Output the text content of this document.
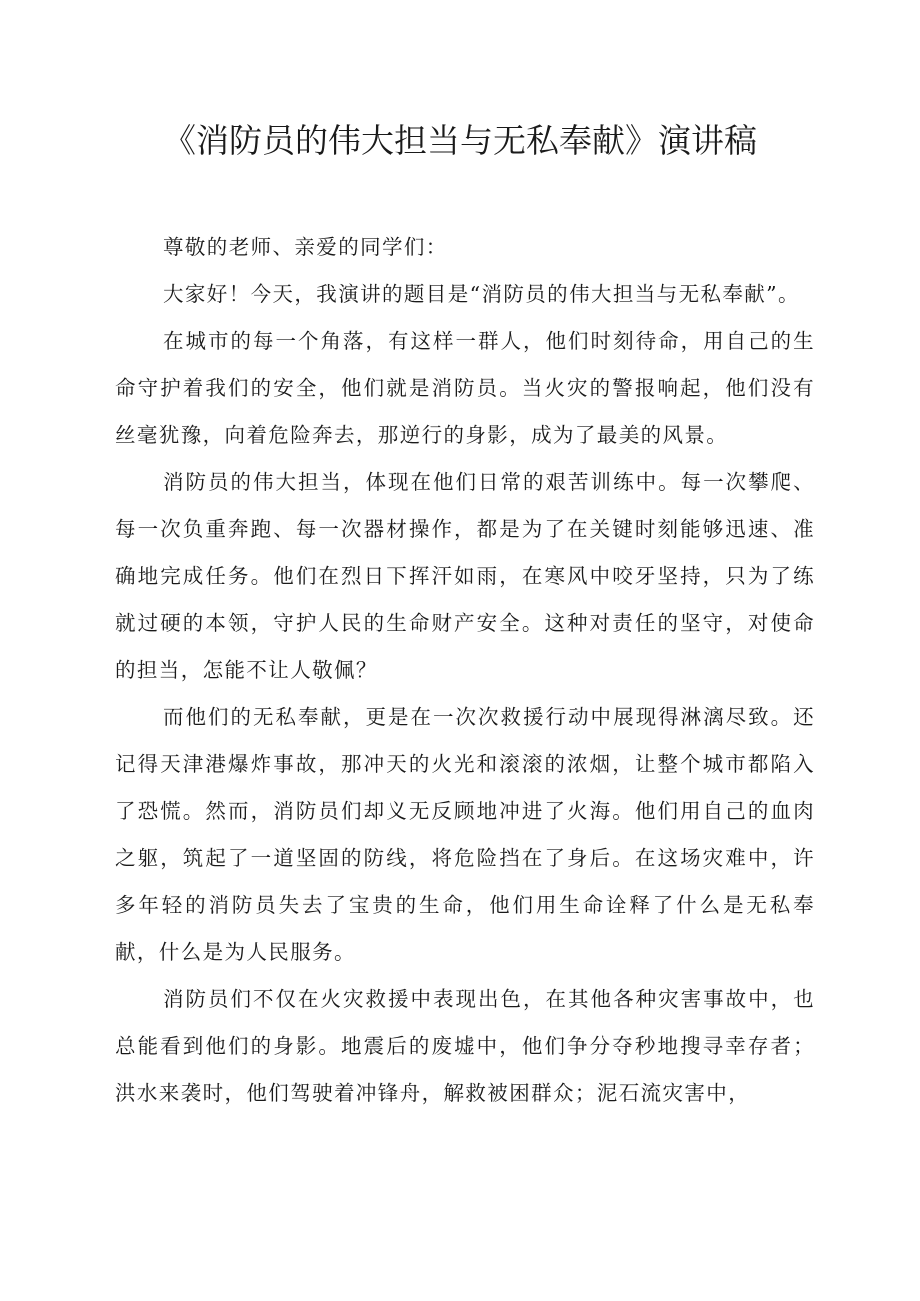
《消防员的伟大担当与无私奉献》演讲稿

尊敬的老师、亲爱的同学们：

大家好！今天，我演讲的题目是“消防员的伟大担当与无私奉献”。

在城市的每一个角落，有这样一群人，他们时刻待命，用自己的生命守护着我们的安全，他们就是消防员。当火灾的警报响起，他们没有丝毫犹豫，向着危险奔去，那逆行的身影，成为了最美的风景。

消防员的伟大担当，体现在他们日常的艰苦训练中。每一次攀爬、每一次负重奔跑、每一次器材操作，都是为了在关键时刻能够迅速、准确地完成任务。他们在烈日下挥汗如雨，在寒风中咬牙坚持，只为了练就过硬的本领，守护人民的生命财产安全。这种对责任的坚守，对使命的担当，怎能不让人敬佩？

而他们的无私奉献，更是在一次次救援行动中展现得淋漓尽致。还记得天津港爆炸事故，那冲天的火光和滚滚的浓烟，让整个城市都陷入了恐慌。然而，消防员们却义无反顾地冲进了火海。他们用自己的血肉之躯，筑起了一道坚固的防线，将危险挡在了身后。在这场灾难中，许多年轻的消防员失去了宝贵的生命，他们用生命诠释了什么是无私奉献，什么是为人民服务。

消防员们不仅在火灾救援中表现出色，在其他各种灾害事故中，也总能看到他们的身影。地震后的废墟中，他们争分夺秒地搜寻幸存者；洪水来袭时，他们驾驶着冲锋舟，解救被困群众；泥石流灾害中，
